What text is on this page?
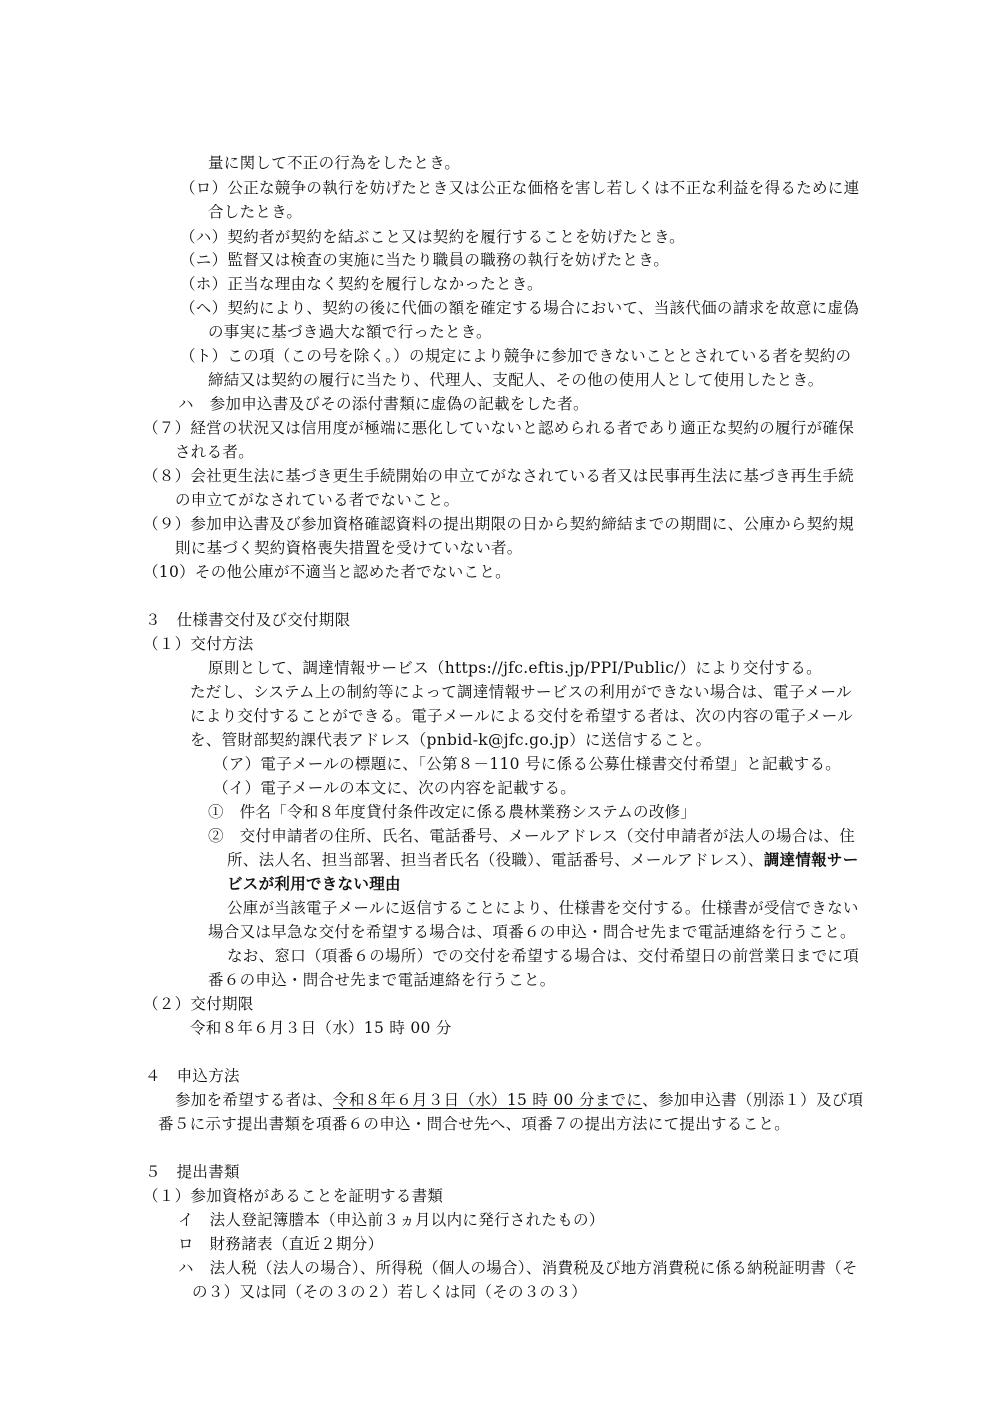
量に関して不正の行為をしたとき。
（ロ）公正な競争の執行を妨げたとき又は公正な価格を害し若しくは不正な利益を得るために連
合したとき。
（ハ）契約者が契約を結ぶこと又は契約を履行することを妨げたとき。
（ニ）監督又は検査の実施に当たり職員の職務の執行を妨げたとき。
（ホ）正当な理由なく契約を履行しなかったとき。
（ヘ）契約により、契約の後に代価の額を確定する場合において、当該代価の請求を故意に虚偽
の事実に基づき過大な額で行ったとき。
（ト）この項（この号を除く。）の規定により競争に参加できないこととされている者を契約の
締結又は契約の履行に当たり、代理人、支配人、その他の使用人として使用したとき。
ハ　参加申込書及びその添付書類に虚偽の記載をした者。
（７）経営の状況又は信用度が極端に悪化していないと認められる者であり適正な契約の履行が確保
される者。
（８）会社更生法に基づき更生手続開始の申立てがなされている者又は民事再生法に基づき再生手続
の申立てがなされている者でないこと。
（９）参加申込書及び参加資格確認資料の提出期限の日から契約締結までの期間に、公庫から契約規
則に基づく契約資格喪失措置を受けていない者。
（10）その他公庫が不適当と認めた者でないこと。
３　仕様書交付及び交付期限
（１）交付方法
原則として、調達情報サービス（https://jfc.eftis.jp/PPI/Public/）により交付する。
ただし、システム上の制約等によって調達情報サービスの利用ができない場合は、電子メール
により交付することができる。電子メールによる交付を希望する者は、次の内容の電子メール
を、管財部契約課代表アドレス（pnbid-k@jfc.go.jp）に送信すること。
（ア）電子メールの標題に、「公第８－110 号に係る公募仕様書交付希望」と記載する。
（イ）電子メールの本文に、次の内容を記載する。
①　件名「令和８年度貸付条件改定に係る農林業務システムの改修」
②　交付申請者の住所、氏名、電話番号、メールアドレス（交付申請者が法人の場合は、住
所、法人名、担当部署、担当者氏名（役職）、電話番号、メールアドレス）、調達情報サー
ビスが利用できない理由
公庫が当該電子メールに返信することにより、仕様書を交付する。仕様書が受信できない
場合又は早急な交付を希望する場合は、項番６の申込・問合せ先まで電話連絡を行うこと。
なお、窓口（項番６の場所）での交付を希望する場合は、交付希望日の前営業日までに項
番６の申込・問合せ先まで電話連絡を行うこと。
（２）交付期限
令和８年６月３日（水）15 時 00 分
４　申込方法
参加を希望する者は、令和８年６月３日（水）15 時 00 分までに、参加申込書（別添１）及び項
番５に示す提出書類を項番６の申込・問合せ先へ、項番７の提出方法にて提出すること。
５　提出書類
（１）参加資格があることを証明する書類
イ　法人登記簿謄本（申込前３ヵ月以内に発行されたもの）
ロ　財務諸表（直近２期分）
ハ　法人税（法人の場合）、所得税（個人の場合）、消費税及び地方消費税に係る納税証明書（そ
の３）又は同（その３の２）若しくは同（その３の３）
